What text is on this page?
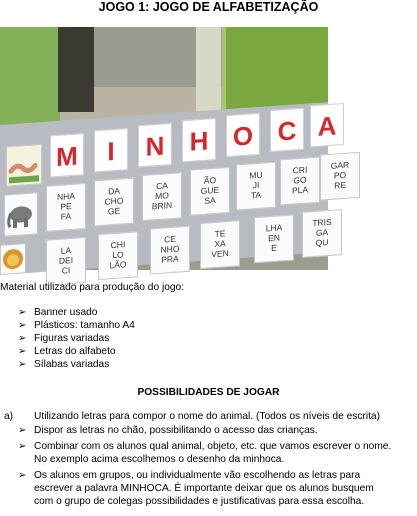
JOGO 1: JOGO DE ALFABETIZAÇÃO
M	I	N H O C A
NHA
PE
FA
DA
CHO
GE
CA
MO
BRIN
ÃO
GUE
SA
MU
JI
TA
CRI
GO
PLA
GAR
PO
RE
LA
DEI
CI
CHI
LO
LÃO
CE
NHO
PRA
TE
XA
VEN
LHA
EN
E
TRIS
GA
QU
Material utilizado para produção do jogo:
➢ Banner usado
➢ Plásticos: tamanho A4
➢ Figuras variadas
➢ Letras do alfabeto
➢ Sílabas variadas
POSSIBILIDADES DE JOGAR
a) Utilizando letras para compor o nome do animal. (Todos os níveis de escrita)
➢ Dispor as letras no chão, possibilitando o acesso das crianças.
➢ Combinar com os alunos qual animal, objeto, etc. que vamos escrever o nome.
No exemplo acima escolhemos o desenho da minhoca.
➢ Os alunos em grupos, ou individualmente vão escolhendo as letras para
escrever a palavra MINHOCA. É importante deixar que os alunos busquem
com o grupo de colegas possibilidades e justificativas para essa escolha.
